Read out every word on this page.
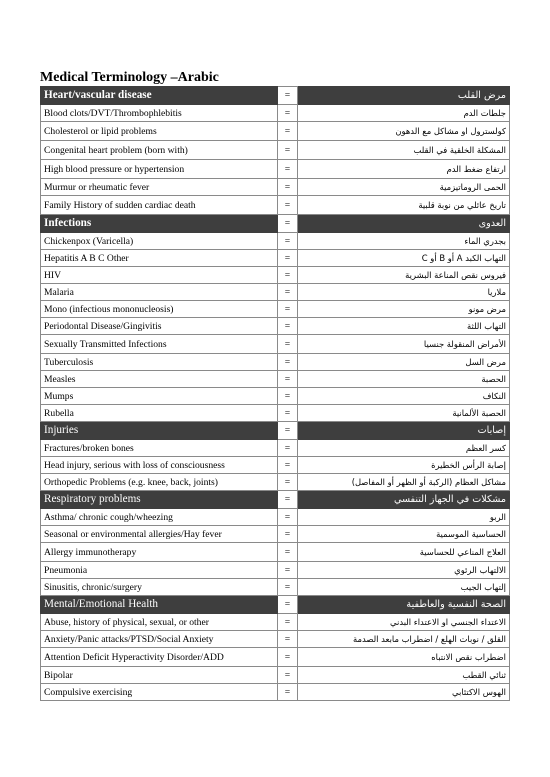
Medical Terminology –Arabic
Heart/vascular disease	=	مرض القلب
Blood clots/DVT/Thrombophlebitis	=	جلطات الدم
Cholesterol or lipid problems	=	كولسترول او مشاكل مع الدهون
Congenital heart problem (born with)	=	المشكلة الخلقية في القلب
High blood pressure or hypertension	=	ارتفاع ضغط الدم
Murmur or rheumatic fever	=	الحمى الروماتيزمية
Family History of sudden cardiac death	=	تاريخ عائلي من نوبة قلبية
Infections	=	العدوى
Chickenpox (Varicella)	=	بجدري الماء
Hepatitis A B C Other	=	التهاب الكبد A أو B أو C
HIV	=	فيروس نقص المناعة البشرية
Malaria	=	ملاريا
Mono (infectious mononucleosis)	=	مرض مونو
Periodontal Disease/Gingivitis	=	التهاب اللثة
Sexually Transmitted Infections	=	الأمراض المنقولة جنسيا
Tuberculosis	=	مرض السل
Measles	=	الحصبة
Mumps	=	النكاف
Rubella	=	الحصبة الألمانية
Injuries	=	إصابات
Fractures/broken bones	=	كسر العظم
Head injury, serious with loss of consciousness	=	إصابة الرأس الخطيرة
Orthopedic Problems (e.g. knee, back, joints)	=	مشاكل العظام (الركبة أو الظهر أو المفاصل)
Respiratory problems	=	مشكلات في الجهاز التنفسي
Asthma/ chronic cough/wheezing	=	الربو
Seasonal or environmental allergies/Hay fever	=	الحساسية الموسمية
Allergy immunotherapy	=	العلاج المناعي للحساسية
Pneumonia	=	الالتهاب الرئوي
Sinusitis, chronic/surgery	=	إلتهاب الجيب
Mental/Emotional Health	=	الصحة النفسية والعاطفية
Abuse, history of physical, sexual, or other	=	الاعتداء الجنسي او الاعتداء البدني
Anxiety/Panic attacks/PTSD/Social Anxiety	=	القلق / نوبات الهلع / اضطراب مابعد الصدمة
Attention Deficit Hyperactivity Disorder/ADD	=	اضطراب نقص الانتباه
Bipolar	=	ثنائي القطب
Compulsive exercising	=	الهوس الاكتئابي
